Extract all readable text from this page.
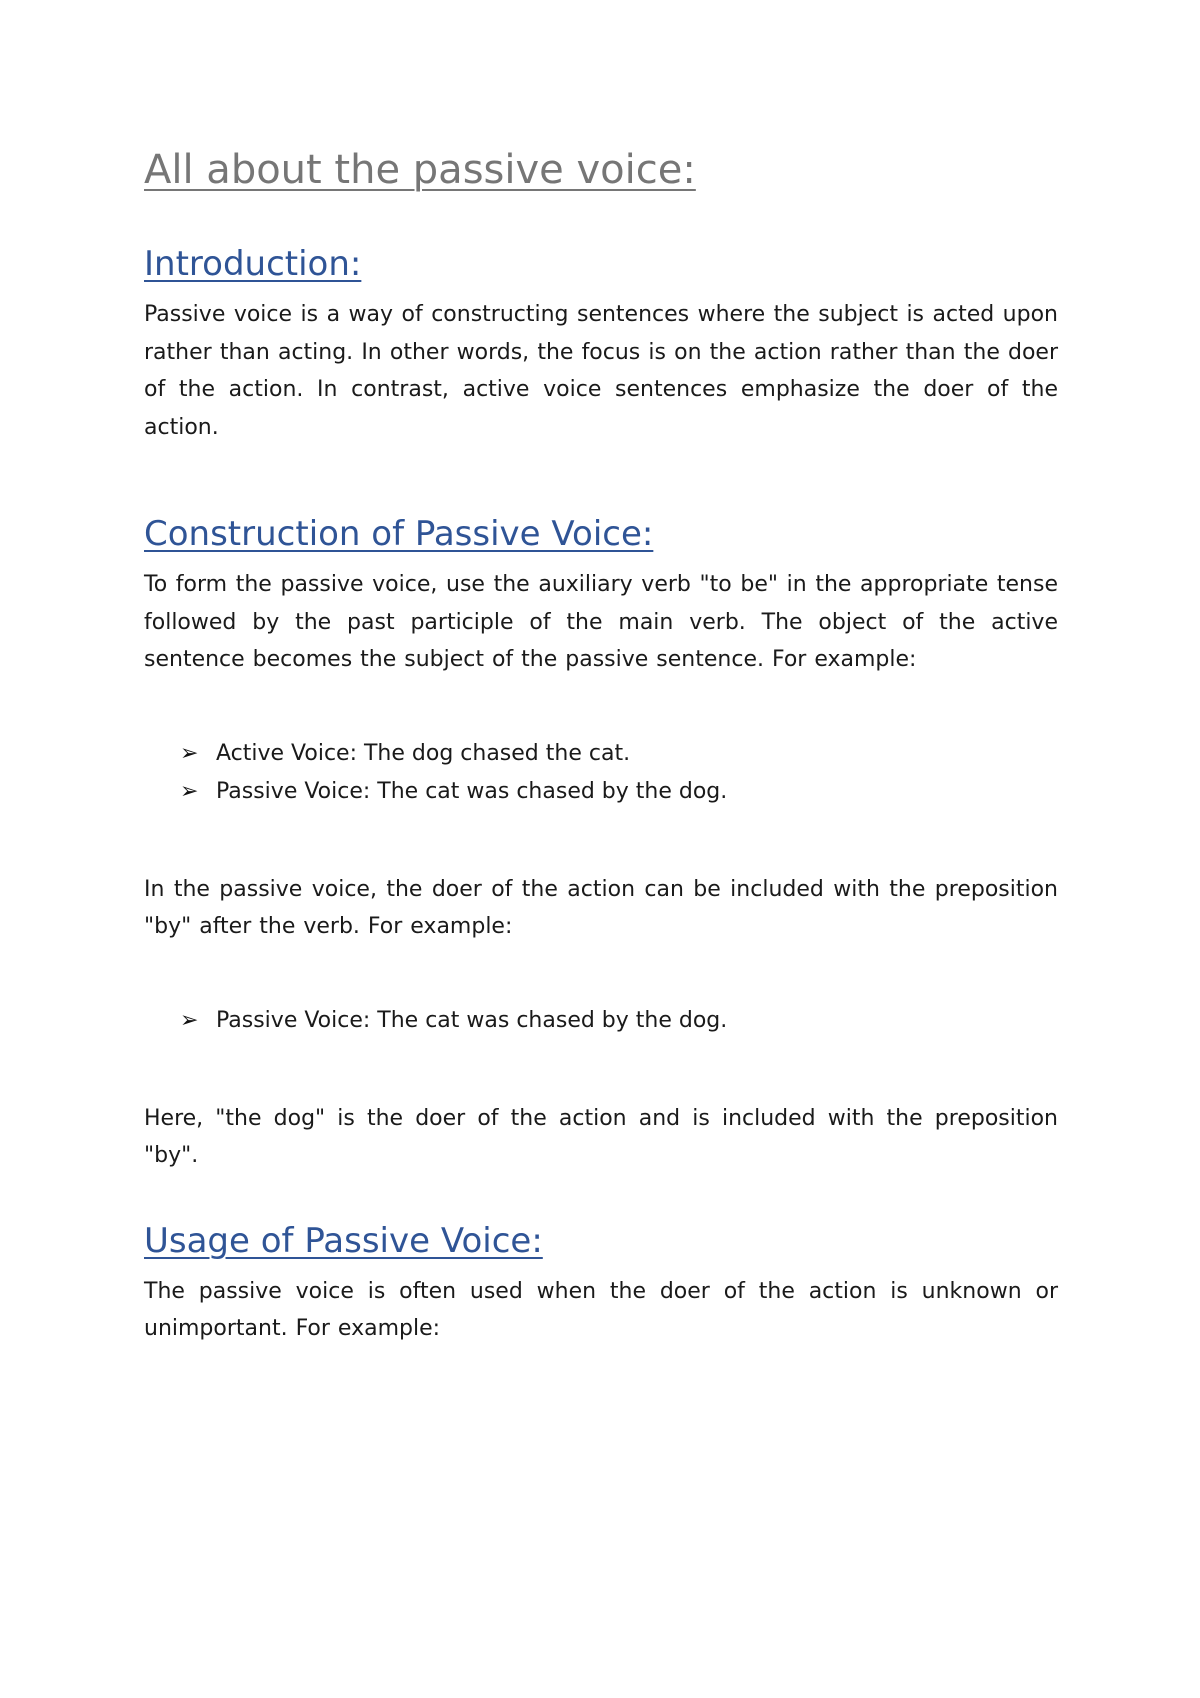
All about the passive voice:
Introduction:

Passive voice is a way of constructing sentences where the subject is acted upon rather than acting. In other words, the focus is on the action rather than the doer of the action. In contrast, active voice sentences emphasize the doer of the action.

Construction of Passive Voice:

To form the passive voice, use the auxiliary verb "to be" in the appropriate tense followed by the past participle of the main verb. The object of the active sentence becomes the subject of the passive sentence. For example:

➢ Active Voice: The dog chased the cat.
➢ Passive Voice: The cat was chased by the dog.

In the passive voice, the doer of the action can be included with the preposition "by" after the verb. For example:

➢ Passive Voice: The cat was chased by the dog.

Here, "the dog" is the doer of the action and is included with the preposition "by".

Usage of Passive Voice:

The passive voice is often used when the doer of the action is unknown or unimportant. For example:
